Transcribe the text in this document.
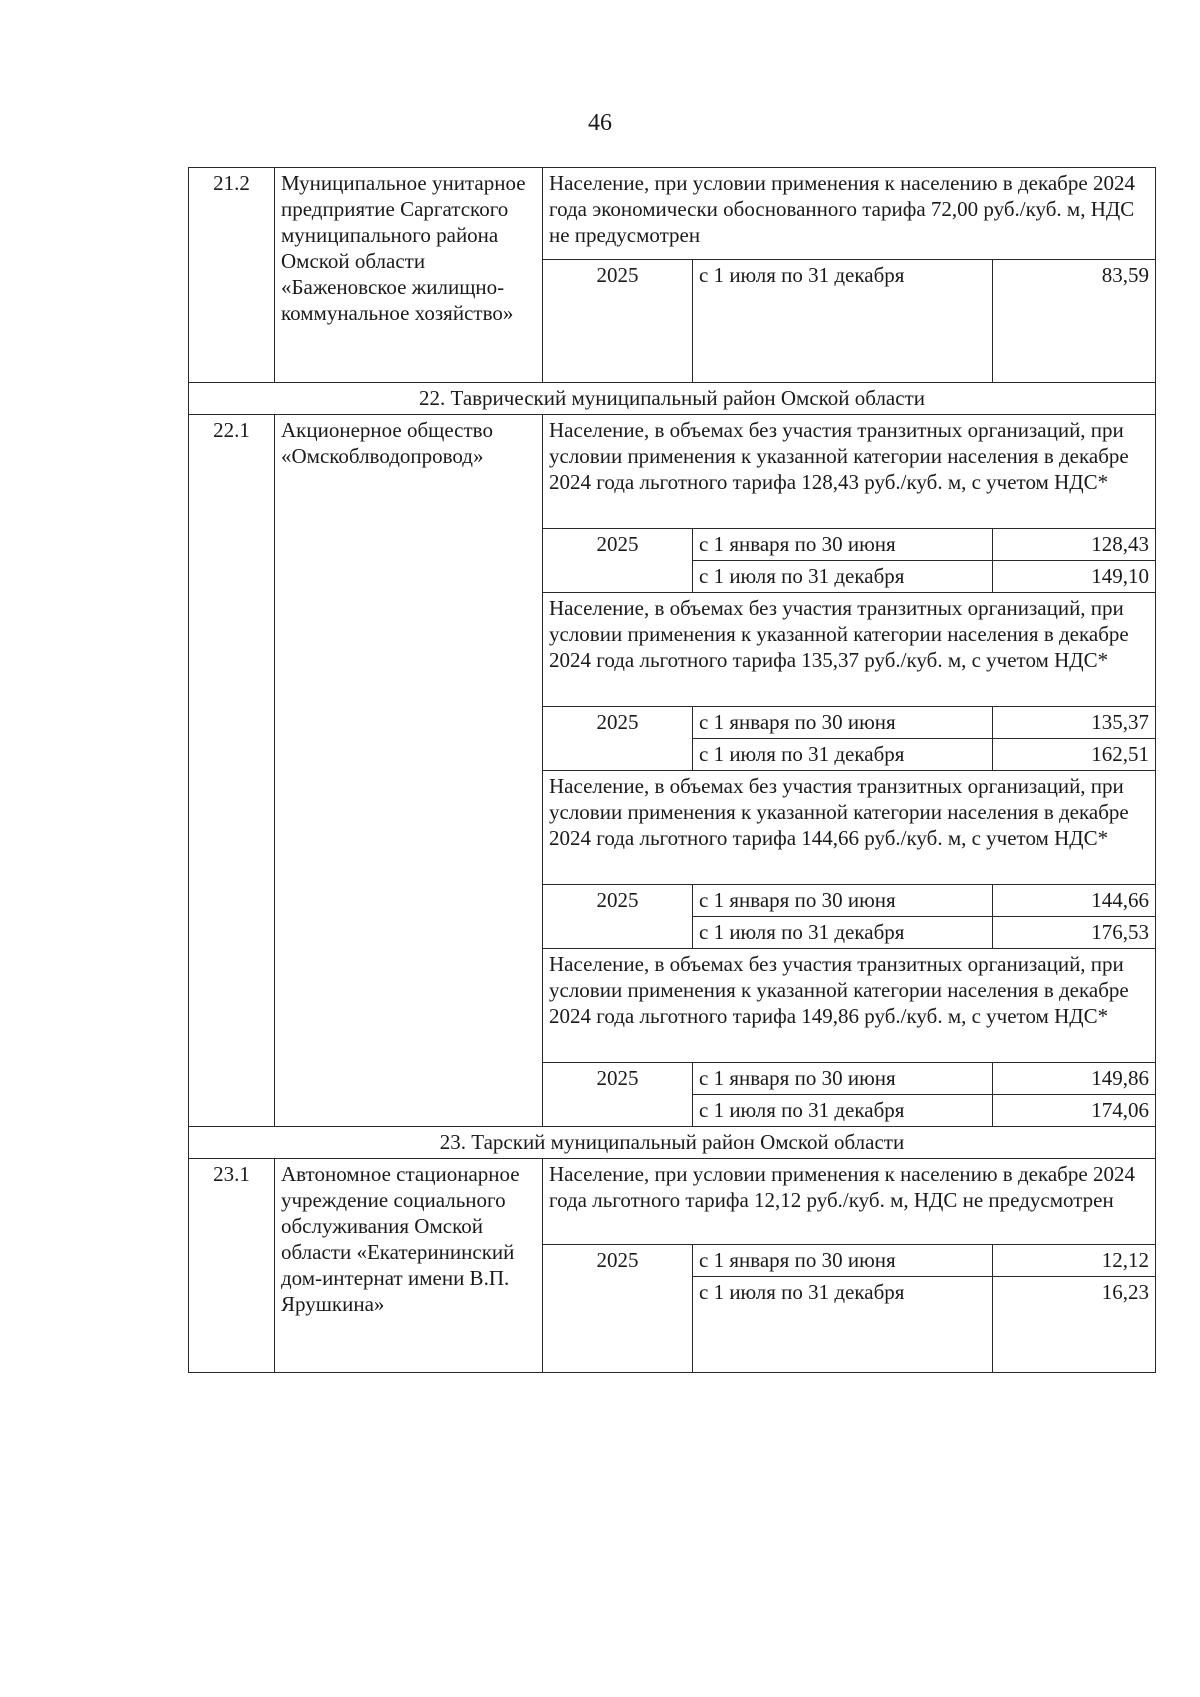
46
21.2	Муниципальное унитарное предприятие Саргатского муниципального района Омской области «Баженовское жилищно-коммунальное хозяйство»	Население, при условии применения к населению в декабре 2024 года экономически обоснованного тарифа 72,00 руб./куб. м, НДС не предусмотрен		
		2025	с 1 июля по 31 декабря	83,59
22. Таврический муниципальный район Омской области				
22.1	Акционерное общество «Омскоблводопровод»	Население, в объемах без участия транзитных организаций, при условии применения к указанной категории населения в декабре 2024 года льготного тарифа 128,43 руб./куб. м, с учетом НДС*		
		2025	с 1 января по 30 июня	128,43
			с 1 июля по 31 декабря	149,10
		Население, в объемах без участия транзитных организаций, при условии применения к указанной категории населения в декабре 2024 года льготного тарифа 135,37 руб./куб. м, с учетом НДС*		
		2025	с 1 января по 30 июня	135,37
			с 1 июля по 31 декабря	162,51
		Население, в объемах без участия транзитных организаций, при условии применения к указанной категории населения в декабре 2024 года льготного тарифа 144,66 руб./куб. м, с учетом НДС*		
		2025	с 1 января по 30 июня	144,66
			с 1 июля по 31 декабря	176,53
		Население, в объемах без участия транзитных организаций, при условии применения к указанной категории населения в декабре 2024 года льготного тарифа 149,86 руб./куб. м, с учетом НДС*		
		2025	с 1 января по 30 июня	149,86
			с 1 июля по 31 декабря	174,06
23. Тарский муниципальный район Омской области				
23.1	Автономное стационарное учреждение социального обслуживания Омской области «Екатерининский дом-интернат имени В.П. Ярушкина»	Население, при условии применения к населению в декабре 2024 года льготного тарифа 12,12 руб./куб. м, НДС не предусмотрен		
		2025	с 1 января по 30 июня	12,12
			с 1 июля по 31 декабря	16,23
